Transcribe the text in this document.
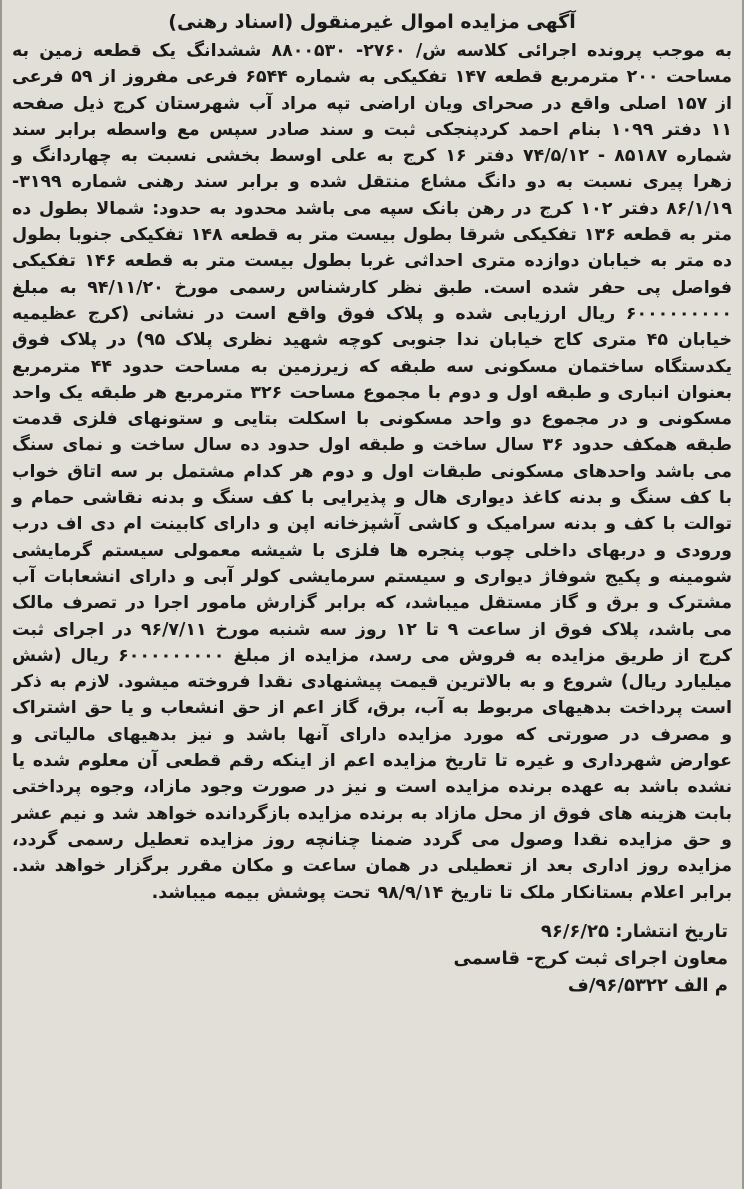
آگهی مزایده اموال غیرمنقول (اسناد رهنی)
به موجب پرونده اجرائی کلاسه ش/ ۲۷۶۰- ۸۸۰۰۵۳۰ ششدانگ یک قطعه زمین به مساحت ۲۰۰ مترمربع قطعه ۱۴۷ تفکیکی به شماره ۶۵۴۴ فرعی مفروز از ۵۹ فرعی از ۱۵۷ اصلی واقع در صحرای ویان اراضی تپه مراد آب شهرستان کرج ذیل صفحه ۱۱ دفتر ۱۰۹۹ بنام احمد کردپنجکی ثبت و سند صادر سپس مع واسطه برابر سند شماره ۸۵۱۸۷ - ۷۴/۵/۱۲ دفتر ۱۶ کرج به علی اوسط بخشی نسبت به چهاردانگ و زهرا پیری نسبت به دو دانگ مشاع منتقل شده و برابر سند رهنی شماره ۳۱۹۹- ۸۶/۱/۱۹ دفتر ۱۰۲ کرج در رهن بانک سپه می باشد محدود به حدود: شمالا بطول ده متر به قطعه ۱۳۶ تفکیکی شرقا بطول بیست متر به قطعه ۱۴۸ تفکیکی جنوبا بطول ده متر به خیابان دوازده متری احداثی غربا بطول بیست متر به قطعه ۱۴۶ تفکیکی فواصل پی حفر شده است. طبق نظر کارشناس رسمی مورخ ۹۴/۱۱/۲۰ به مبلغ ۶۰۰۰۰۰۰۰۰۰ ریال ارزیابی شده و پلاک فوق واقع است در نشانی (کرج عظیمیه خیابان ۴۵ متری کاج خیابان ندا جنوبی کوچه شهید نظری پلاک ۹۵) در پلاک فوق یکدستگاه ساختمان مسکونی سه طبقه که زیرزمین به مساحت حدود ۴۴ مترمربع بعنوان انباری و طبقه اول و دوم با مجموع مساحت ۳۲۶ مترمربع هر طبقه یک واحد مسکونی و در مجموع دو واحد مسکونی با اسکلت بتایی و ستونهای فلزی قدمت طبقه همکف حدود ۳۶ سال ساخت و طبقه اول حدود ده سال ساخت و نمای سنگ می باشد واحدهای مسکونی طبقات اول و دوم هر کدام مشتمل بر سه اتاق خواب با کف سنگ و بدنه کاغذ دیواری هال و پذیرایی با کف سنگ و بدنه نقاشی حمام و توالت با کف و بدنه سرامیک و کاشی آشپزخانه اپن و دارای کابینت ام دی اف درب ورودی و دربهای داخلی چوب پنجره ها فلزی با شیشه معمولی سیستم گرمایشی شومینه و پکیج شوفاژ دیواری و سیستم سرمایشی کولر آبی و دارای انشعابات آب مشترک و برق و گاز مستقل میباشد، که برابر گزارش مامور اجرا در تصرف مالک می باشد، پلاک فوق از ساعت ۹ تا ۱۲ روز سه شنبه مورخ ۹۶/۷/۱۱ در اجرای ثبت کرج از طریق مزایده به فروش می رسد، مزایده از مبلغ ۶۰۰۰۰۰۰۰۰۰ ریال (شش میلیارد ریال) شروع و به بالاترین قیمت پیشنهادی نقدا فروخته میشود. لازم به ذکر است پرداخت بدهیهای مربوط به آب، برق، گاز اعم از حق انشعاب و یا حق اشتراک و مصرف در صورتی که مورد مزایده دارای آنها باشد و نیز بدهیهای مالیاتی و عوارض شهرداری و غیره تا تاریخ مزایده اعم از اینکه رقم قطعی آن معلوم شده یا نشده باشد به عهده برنده مزایده است و نیز در صورت وجود مازاد، وجوه پرداختی بابت هزینه های فوق از محل مازاد به برنده مزایده بازگردانده خواهد شد و نیم عشر و حق مزایده نقدا وصول می گردد ضمنا چنانچه روز مزایده تعطیل رسمی گردد، مزایده روز اداری بعد از تعطیلی در همان ساعت و مکان مقرر برگزار خواهد شد. برابر اعلام بستانکار ملک تا تاریخ ۹۸/۹/۱۴ تحت پوشش بیمه میباشد.
تاریخ انتشار: ۹۶/۶/۲۵
معاون اجرای ثبت کرج- قاسمی
م الف ۹۶/۵۳۲۲/ف
